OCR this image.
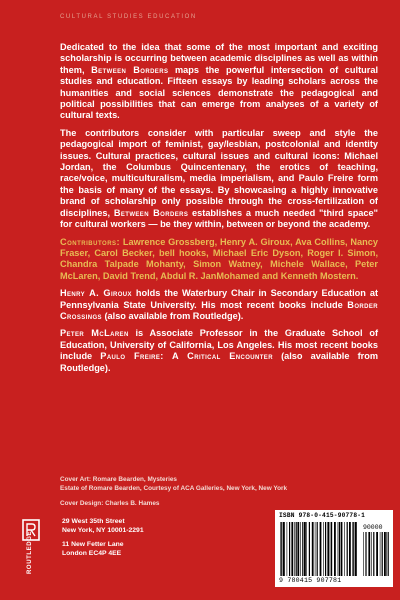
CULTURAL STUDIES EDUCATION

Dedicated to the idea that some of the most important and exciting scholarship is occurring between academic disciplines as well as within them, Between Borders maps the powerful intersection of cultural studies and education. Fifteen essays by leading scholars across the humanities and social sciences demonstrate the pedagogical and political possibilities that can emerge from analyses of a variety of cultural texts.

The contributors consider with particular sweep and style the pedagogical import of feminist, gay/lesbian, postcolonial and identity issues. Cultural practices, cultural issues and cultural icons: Michael Jordan, the Columbus Quincentenary, the erotics of teaching, race/voice, multiculturalism, media imperialism, and Paulo Freire form the basis of many of the essays. By showcasing a highly innovative brand of scholarship only possible through the cross-fertilization of disciplines, Between Borders establishes a much needed "third space" for cultural workers — be they within, between or beyond the academy.

Contributors: Lawrence Grossberg, Henry A. Giroux, Ava Collins, Nancy Fraser, Carol Becker, bell hooks, Michael Eric Dyson, Roger I. Simon, Chandra Talpade Mohanty, Simon Watney, Michele Wallace, Peter McLaren, David Trend, Abdul R. JanMohamed and Kenneth Mostern.

Henry A. Giroux holds the Waterbury Chair in Secondary Education at Pennsylvania State University. His most recent books include Border Crossings (also available from Routledge).

Peter McLaren is Associate Professor in the Graduate School of Education, University of California, Los Angeles. His most recent books include Paulo Freire: A Critical Encounter (also available from Routledge).

Cover Art: Romare Bearden, Mysteries
Estate of Romare Bearden, Courtesy of ACA Galleries, New York, New York
Cover Design: Charles B. Hames
ROUTLEDGE
29 West 35th Street
New York, NY 10001-2291
11 New Fetter Lane
London EC4P 4EE
ISBN 978-0-415-90778-1
90000
9 780415 907781
